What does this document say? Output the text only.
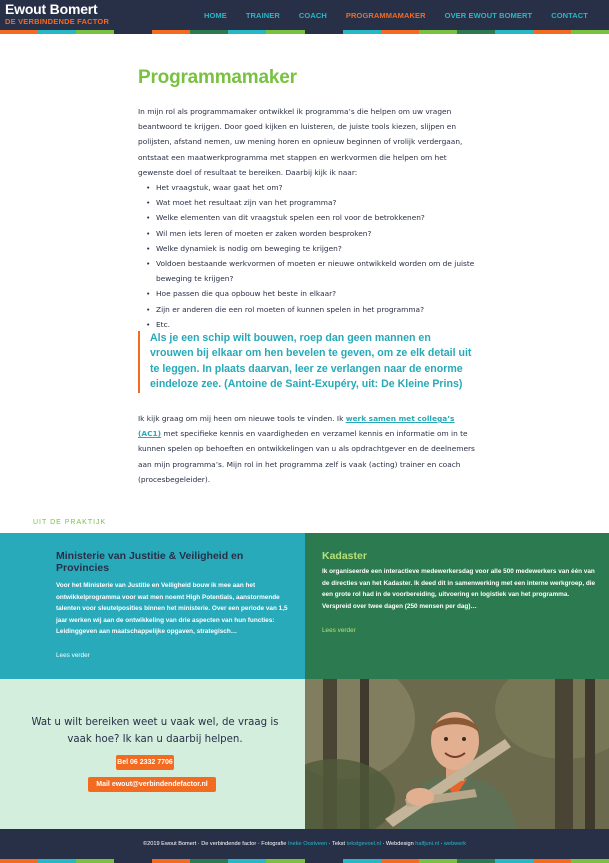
Ewout Bomert
DE VERBINDENDE FACTOR
HOME	TRAINER	COACH	PROGRAMMAMAKER	OVER EWOUT BOMERT	CONTACT
Programmamaker

In mijn rol als programmamaker ontwikkel ik programma’s die helpen om uw vragen beantwoord te krijgen. Door goed kijken en luisteren, de juiste tools kiezen, slijpen en polijsten, afstand nemen, uw mening horen en opnieuw beginnen of vrolijk verdergaan, ontstaat een maatwerkprogramma met stappen en werkvormen die helpen om het gewenste doel of resultaat te bereiken. Daarbij kijk ik naar:

• Het vraagstuk, waar gaat het om?
• Wat moet het resultaat zijn van het programma?
• Welke elementen van dit vraagstuk spelen een rol voor de betrokkenen?
• Wil men iets leren of moeten er zaken worden besproken?
• Welke dynamiek is nodig om beweging te krijgen?
• Voldoen bestaande werkvormen of moeten er nieuwe ontwikkeld worden om de juiste beweging te krijgen?
• Hoe passen die qua opbouw het beste in elkaar?
• Zijn er anderen die een rol moeten of kunnen spelen in het programma?
• Etc.
Als je een schip wilt bouwen, roep dan geen mannen en vrouwen bij elkaar om hen bevelen te geven, om ze elk detail uit te leggen. In plaats daarvan, leer ze verlangen naar de enorme eindeloze zee. (Antoine de Saint-Exupéry, uit: De Kleine Prins)

Ik kijk graag om mij heen om nieuwe tools te vinden. Ik werk samen met collega’s (AC1) met specifieke kennis en vaardigheden en verzamel kennis en informatie om in te kunnen spelen op behoeften en ontwikkelingen van u als opdrachtgever en de deelnemers aan mijn programma’s. Mijn rol in het programma zelf is vaak (acting) trainer en coach (procesbegeleider).

UIT DE PRAKTIJK
Ministerie van Justitie & Veiligheid en Provincies
Voor het Ministerie van Justitie en Veiligheid bouw ik mee aan het ontwikkelprogramma voor wat men noemt High Potentials, aanstormende talenten voor sleutelposities binnen het ministerie. Over een periode van 1,5 jaar werken wij aan de ontwikkeling van drie aspecten van hun functies: Leidinggeven aan maatschappelijke opgaven, strategisch…
Lees verder
Kadaster
Ik organiseerde een interactieve medewerkersdag voor alle 500 medewerkers van één van de directies van het Kadaster. Ik deed dit in samenwerking met een interne werkgroep, die een grote rol had in de voorbereiding, uitvoering en logistiek van het programma. Verspreid over twee dagen (250 mensen per dag)…
Lees verder

Wat u wilt bereiken weet u vaak wel, de vraag is vaak hoe? Ik kan u daarbij helpen.

Bel 06 2332 7706
Mail ewout@verbindendefactor.nl
©2019 Ewout Bomert · De verbindende factor · Fotografie Ineke Oostveen · Tekst tekstgevoel.nl · Webdesign halfjuni.nl · webwerk
